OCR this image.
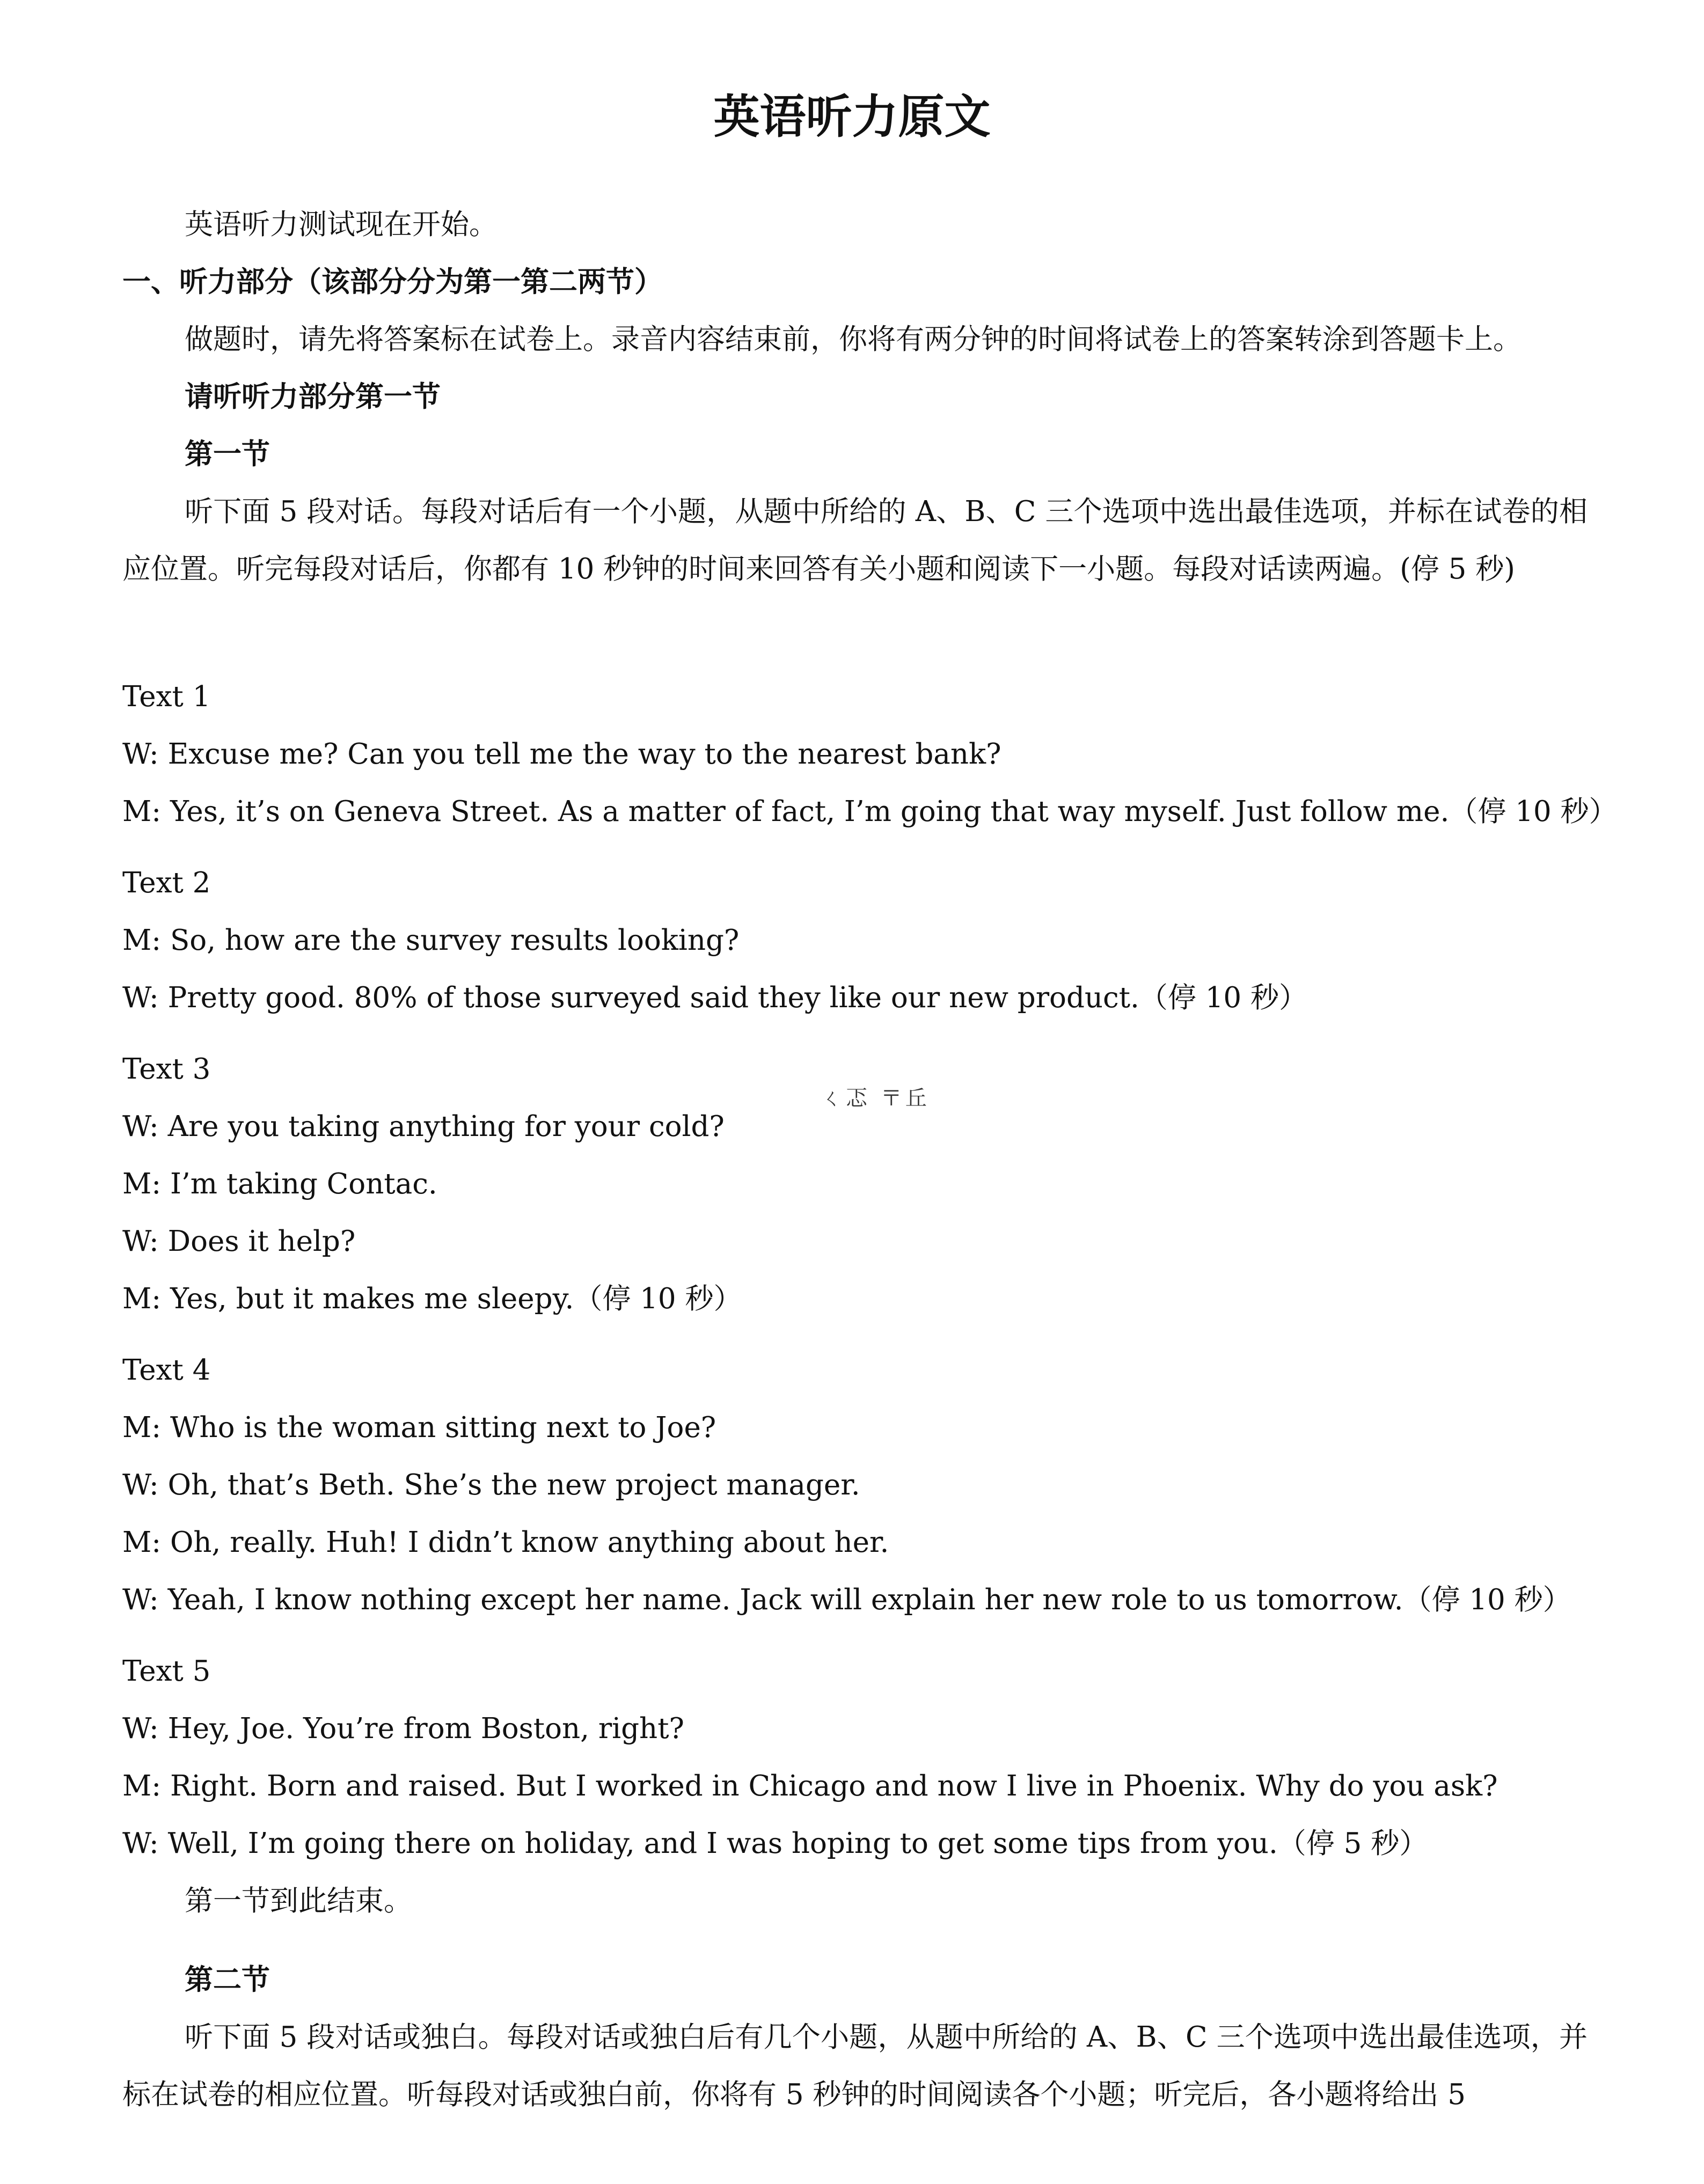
英语听力原文

英语听力测试现在开始。

一、听力部分（该部分分为第一第二两节）

做题时，请先将答案标在试卷上。录音内容结束前，你将有两分钟的时间将试卷上的答案转涂到答题卡上。

请听听力部分第一节

第一节

听下面 5 段对话。每段对话后有一个小题，从题中所给的 A、B、C 三个选项中选出最佳选项，并标在试卷的相应位置。听完每段对话后，你都有 10 秒钟的时间来回答有关小题和阅读下一小题。每段对话读两遍。(停 5 秒)

Text 1

W: Excuse me? Can you tell me the way to the nearest bank?

M: Yes, it’s on Geneva Street. As a matter of fact, I’m going that way myself. Just follow me.（停 10 秒）

Text 2

M: So, how are the survey results looking?

W: Pretty good. 80% of those surveyed said they like our new product.（停 10 秒）

Text 3

ㄑ忑 〒丘

W: Are you taking anything for your cold?

M: I’m taking Contac.

W: Does it help?

M: Yes, but it makes me sleepy.（停 10 秒）

Text 4

M: Who is the woman sitting next to Joe?

W: Oh, that’s Beth. She’s the new project manager.

M: Oh, really. Huh! I didn’t know anything about her.

W: Yeah, I know nothing except her name. Jack will explain her new role to us tomorrow.（停 10 秒）

Text 5

W: Hey, Joe. You’re from Boston, right?

M: Right. Born and raised. But I worked in Chicago and now I live in Phoenix. Why do you ask?

W: Well, I’m going there on holiday, and I was hoping to get some tips from you.（停 5 秒）

第一节到此结束。

第二节

听下面 5 段对话或独白。每段对话或独白后有几个小题，从题中所给的 A、B、C 三个选项中选出最佳选项，并标在试卷的相应位置。听每段对话或独白前，你将有 5 秒钟的时间阅读各个小题；听完后，各小题将给出 5
